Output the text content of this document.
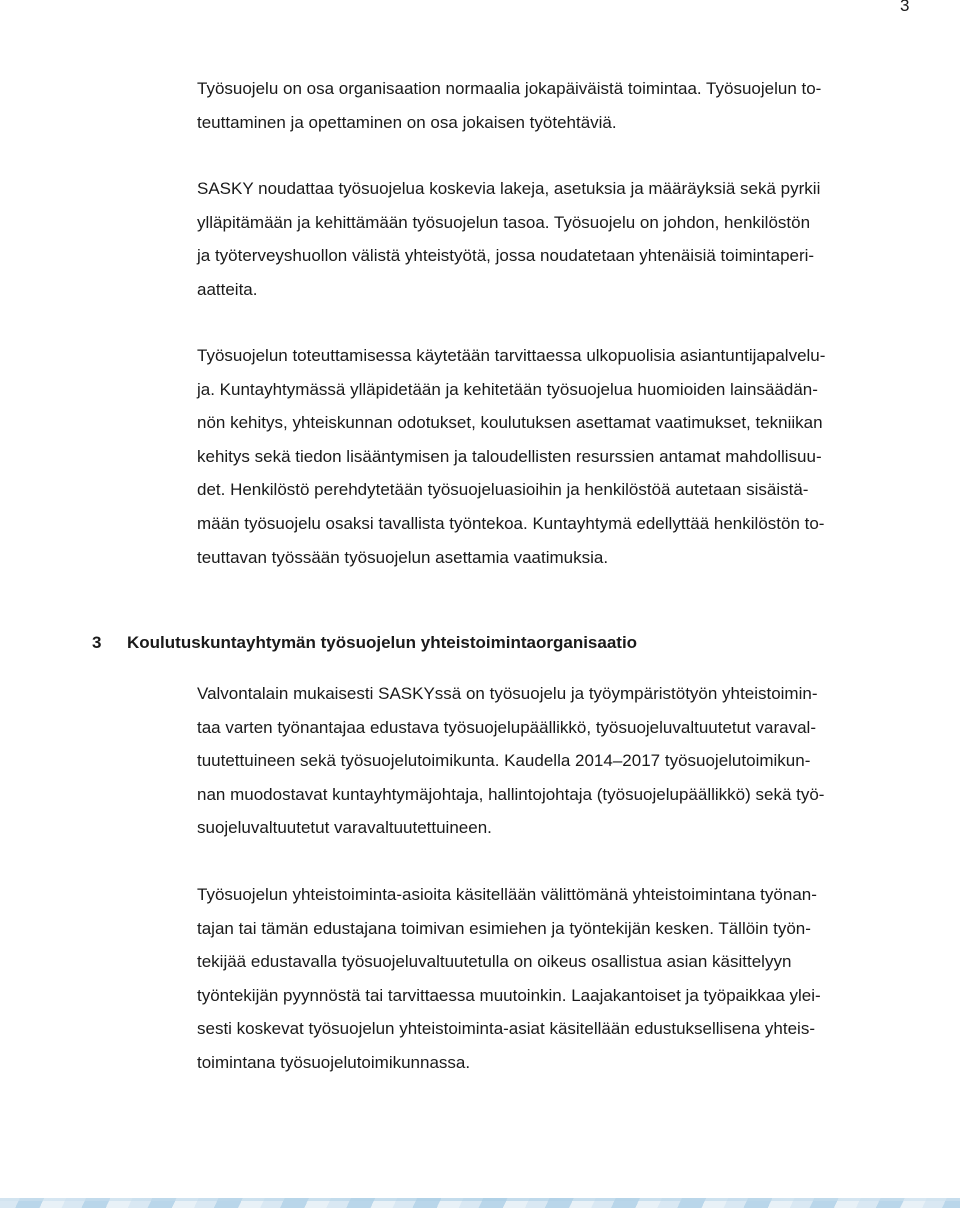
3

Työsuojelu on osa organisaation normaalia jokapäiväistä toimintaa. Työsuojelun to-
teuttaminen ja opettaminen on osa jokaisen työtehtäviä.

SASKY noudattaa työsuojelua koskevia lakeja, asetuksia ja määräyksiä sekä pyrkii
ylläpitämään ja kehittämään työsuojelun tasoa. Työsuojelu on johdon, henkilöstön
ja työterveyshuollon välistä yhteistyötä, jossa noudatetaan yhtenäisiä toimintaperi-
aatteita.

Työsuojelun toteuttamisessa käytetään tarvittaessa ulkopuolisia asiantuntijapalvelu-
ja. Kuntayhtymässä ylläpidetään ja kehitetään työsuojelua huomioiden lainsäädän-
nön kehitys, yhteiskunnan odotukset, koulutuksen asettamat vaatimukset, tekniikan
kehitys sekä tiedon lisääntymisen ja taloudellisten resurssien antamat mahdollisuu-
det. Henkilöstö perehdytetään työsuojeluasioihin ja henkilöstöä autetaan sisäistä-
mään työsuojelu osaksi tavallista työntekoa. Kuntayhtymä edellyttää henkilöstön to-
teuttavan työssään työsuojelun asettamia vaatimuksia.

3 Koulutuskuntayhtymän työsuojelun yhteistoimintaorganisaatio

Valvontalain mukaisesti SASKYssä on työsuojelu ja työympäristötyön yhteistoimin-
taa varten työnantajaa edustava työsuojelupäällikkö, työsuojeluvaltuutetut varaval-
tuutettuineen sekä työsuojelutoimikunta. Kaudella 2014–2017 työsuojelutoimikun-
nan muodostavat kuntayhtymäjohtaja, hallintojohtaja (työsuojelupäällikkö) sekä työ-
suojeluvaltuutetut varavaltuutettuineen.

Työsuojelun yhteistoiminta-asioita käsitellään välittömänä yhteistoimintana työnan-
tajan tai tämän edustajana toimivan esimiehen ja työntekijän kesken. Tällöin työn-
tekijää edustavalla työsuojeluvaltuutetulla on oikeus osallistua asian käsittelyyn
työntekijän pyynnöstä tai tarvittaessa muutoinkin. Laajakantoiset ja työpaikkaa ylei-
sesti koskevat työsuojelun yhteistoiminta-asiat käsitellään edustuksellisena yhteis-
toimintana työsuojelutoimikunnassa.
